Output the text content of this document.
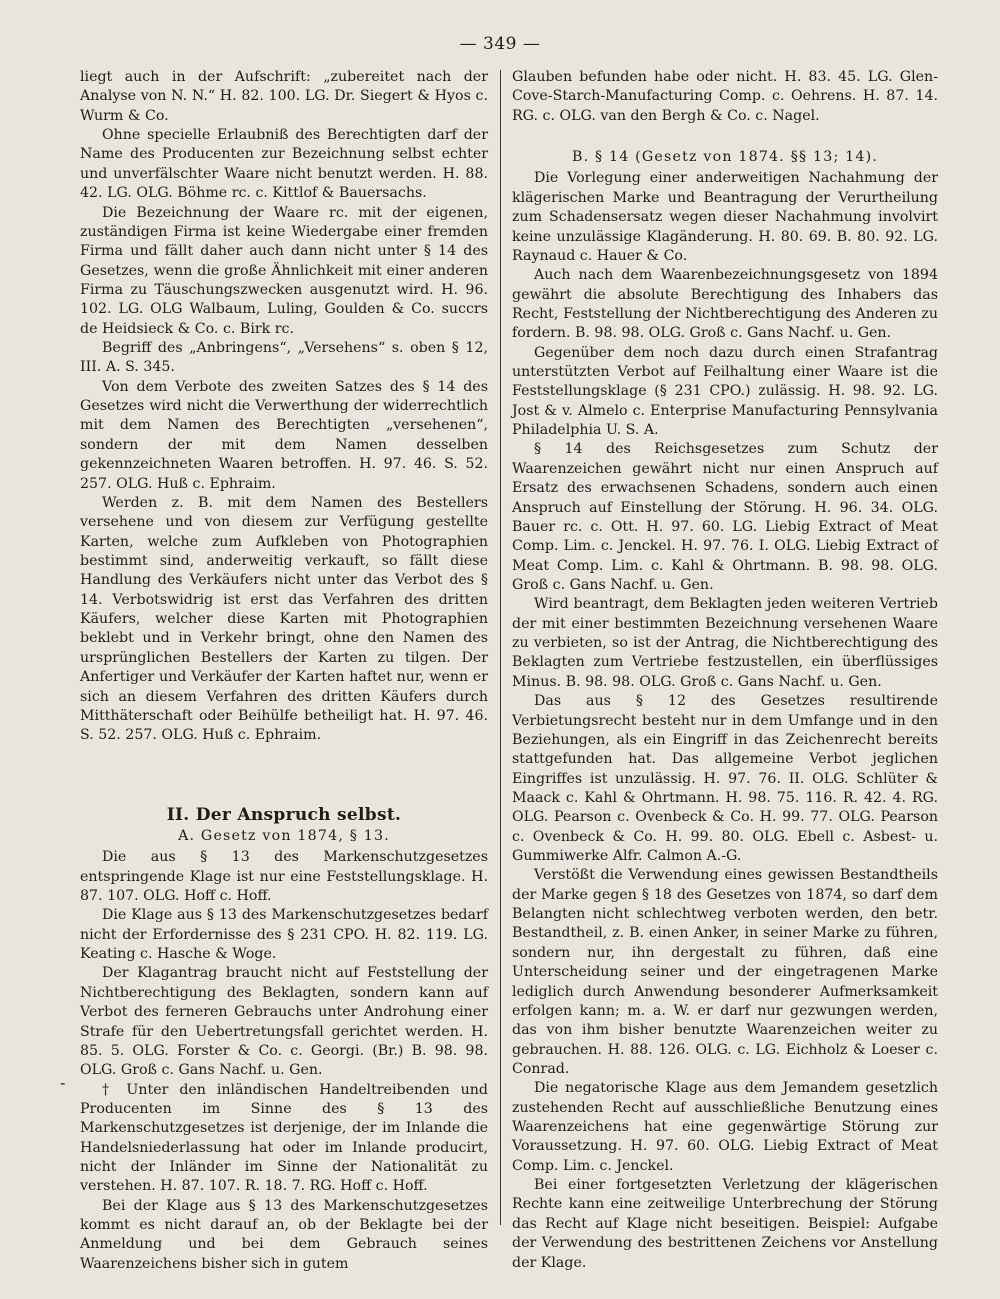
— 349 —

liegt auch in der Aufschrift: „zubereitet nach der Analyse von N. N.“ H. 82. 100. LG. Dr. Siegert & Hyos c. Wurm & Co.

Ohne specielle Erlaubniß des Berechtigten darf der Name des Producenten zur Bezeichnung selbst echter und unverfälschter Waare nicht benutzt werden. H. 88. 42. LG. OLG. Böhme rc. c. Kittlof & Bauersachs.

Die Bezeichnung der Waare rc. mit der eigenen, zuständigen Firma ist keine Wiedergabe einer fremden Firma und fällt daher auch dann nicht unter § 14 des Gesetzes, wenn die große Ähnlichkeit mit einer anderen Firma zu Täuschungszwecken ausgenutzt wird. H. 96. 102. LG. OLG Walbaum, Luling, Goulden & Co. succrs de Heidsieck & Co. c. Birk rc.

Begriff des „Anbringens“, „Versehens“ s. oben § 12, III. A. S. 345.

Von dem Verbote des zweiten Satzes des § 14 des Gesetzes wird nicht die Verwerthung der widerrechtlich mit dem Namen des Berechtigten „versehenen“, sondern der mit dem Namen desselben gekennzeichneten Waaren betroffen. H. 97. 46. S. 52. 257. OLG. Huß c. Ephraim.

Werden z. B. mit dem Namen des Bestellers versehene und von diesem zur Verfügung gestellte Karten, welche zum Aufkleben von Photographien bestimmt sind, anderweitig verkauft, so fällt diese Handlung des Verkäufers nicht unter das Verbot des § 14. Verbotswidrig ist erst das Verfahren des dritten Käufers, welcher diese Karten mit Photographien beklebt und in Verkehr bringt, ohne den Namen des ursprünglichen Bestellers der Karten zu tilgen. Der Anfertiger und Verkäufer der Karten haftet nur, wenn er sich an diesem Verfahren des dritten Käufers durch Mitthäterschaft oder Beihülfe betheiligt hat. H. 97. 46. S. 52. 257. OLG. Huß c. Ephraim.

II. Der Anspruch selbst.
A. Gesetz von 1874, § 13.

Die aus § 13 des Markenschutzgesetzes entspringende Klage ist nur eine Feststellungsklage. H. 87. 107. OLG. Hoff c. Hoff.

Die Klage aus § 13 des Markenschutzgesetzes bedarf nicht der Erfordernisse des § 231 CPO. H. 82. 119. LG. Keating c. Hasche & Woge.

Der Klagantrag braucht nicht auf Feststellung der Nichtberechtigung des Beklagten, sondern kann auf Verbot des ferneren Gebrauchs unter Androhung einer Strafe für den Uebertretungsfall gerichtet werden. H. 85. 5. OLG. Forster & Co. c. Georgi. (Br.) B. 98. 98. OLG. Groß c. Gans Nachf. u. Gen.

† Unter den inländischen Handeltreibenden und Producenten im Sinne des § 13 des Markenschutzgesetzes ist derjenige, der im Inlande die Handelsniederlassung hat oder im Inlande producirt, nicht der Inländer im Sinne der Nationalität zu verstehen. H. 87. 107. R. 18. 7. RG. Hoff c. Hoff.

Bei der Klage aus § 13 des Markenschutzgesetzes kommt es nicht darauf an, ob der Beklagte bei der Anmeldung und bei dem Gebrauch seines Waarenzeichens bisher sich in gutem

-

Glauben befunden habe oder nicht. H. 83. 45. LG. Glen-Cove-Starch-Manufacturing Comp. c. Oehrens. H. 87. 14. RG. c. OLG. van den Bergh & Co. c. Nagel.

B. § 14 (Gesetz von 1874. §§ 13; 14).

Die Vorlegung einer anderweitigen Nachahmung der klägerischen Marke und Beantragung der Verurtheilung zum Schadensersatz wegen dieser Nachahmung involvirt keine unzulässige Klagänderung. H. 80. 69. B. 80. 92. LG. Raynaud c. Hauer & Co.

Auch nach dem Waarenbezeichnungsgesetz von 1894 gewährt die absolute Berechtigung des Inhabers das Recht, Feststellung der Nichtberechtigung des Anderen zu fordern. B. 98. 98. OLG. Groß c. Gans Nachf. u. Gen.

Gegenüber dem noch dazu durch einen Strafantrag unterstützten Verbot auf Feilhaltung einer Waare ist die Feststellungsklage (§ 231 CPO.) zulässig. H. 98. 92. LG. Jost & v. Almelo c. Enterprise Manufacturing Pennsylvania Philadelphia U. S. A.

§ 14 des Reichsgesetzes zum Schutz der Waarenzeichen gewährt nicht nur einen Anspruch auf Ersatz des erwachsenen Schadens, sondern auch einen Anspruch auf Einstellung der Störung. H. 96. 34. OLG. Bauer rc. c. Ott. H. 97. 60. LG. Liebig Extract of Meat Comp. Lim. c. Jenckel. H. 97. 76. I. OLG. Liebig Extract of Meat Comp. Lim. c. Kahl & Ohrtmann. B. 98. 98. OLG. Groß c. Gans Nachf. u. Gen.

Wird beantragt, dem Beklagten jeden weiteren Vertrieb der mit einer bestimmten Bezeichnung versehenen Waare zu verbieten, so ist der Antrag, die Nichtberechtigung des Beklagten zum Vertriebe festzustellen, ein überflüssiges Minus. B. 98. 98. OLG. Groß c. Gans Nachf. u. Gen.

Das aus § 12 des Gesetzes resultirende Verbietungsrecht besteht nur in dem Umfange und in den Beziehungen, als ein Eingriff in das Zeichenrecht bereits stattgefunden hat. Das allgemeine Verbot jeglichen Eingriffes ist unzulässig. H. 97. 76. II. OLG. Schlüter & Maack c. Kahl & Ohrtmann. H. 98. 75. 116. R. 42. 4. RG. OLG. Pearson c. Ovenbeck & Co. H. 99. 77. OLG. Pearson c. Ovenbeck & Co. H. 99. 80. OLG. Ebell c. Asbest- u. Gummiwerke Alfr. Calmon A.-G.

Verstößt die Verwendung eines gewissen Bestandtheils der Marke gegen § 18 des Gesetzes von 1874, so darf dem Belangten nicht schlechtweg verboten werden, den betr. Bestandtheil, z. B. einen Anker, in seiner Marke zu führen, sondern nur, ihn dergestalt zu führen, daß eine Unterscheidung seiner und der eingetragenen Marke lediglich durch Anwendung besonderer Aufmerksamkeit erfolgen kann; m. a. W. er darf nur gezwungen werden, das von ihm bisher benutzte Waarenzeichen weiter zu gebrauchen. H. 88. 126. OLG. c. LG. Eichholz & Loeser c. Conrad.

Die negatorische Klage aus dem Jemandem gesetzlich zustehenden Recht auf ausschließliche Benutzung eines Waarenzeichens hat eine gegenwärtige Störung zur Voraussetzung. H. 97. 60. OLG. Liebig Extract of Meat Comp. Lim. c. Jenckel.

Bei einer fortgesetzten Verletzung der klägerischen Rechte kann eine zeitweilige Unterbrechung der Störung das Recht auf Klage nicht beseitigen. Beispiel: Aufgabe der Verwendung des bestrittenen Zeichens vor Anstellung der Klage.
